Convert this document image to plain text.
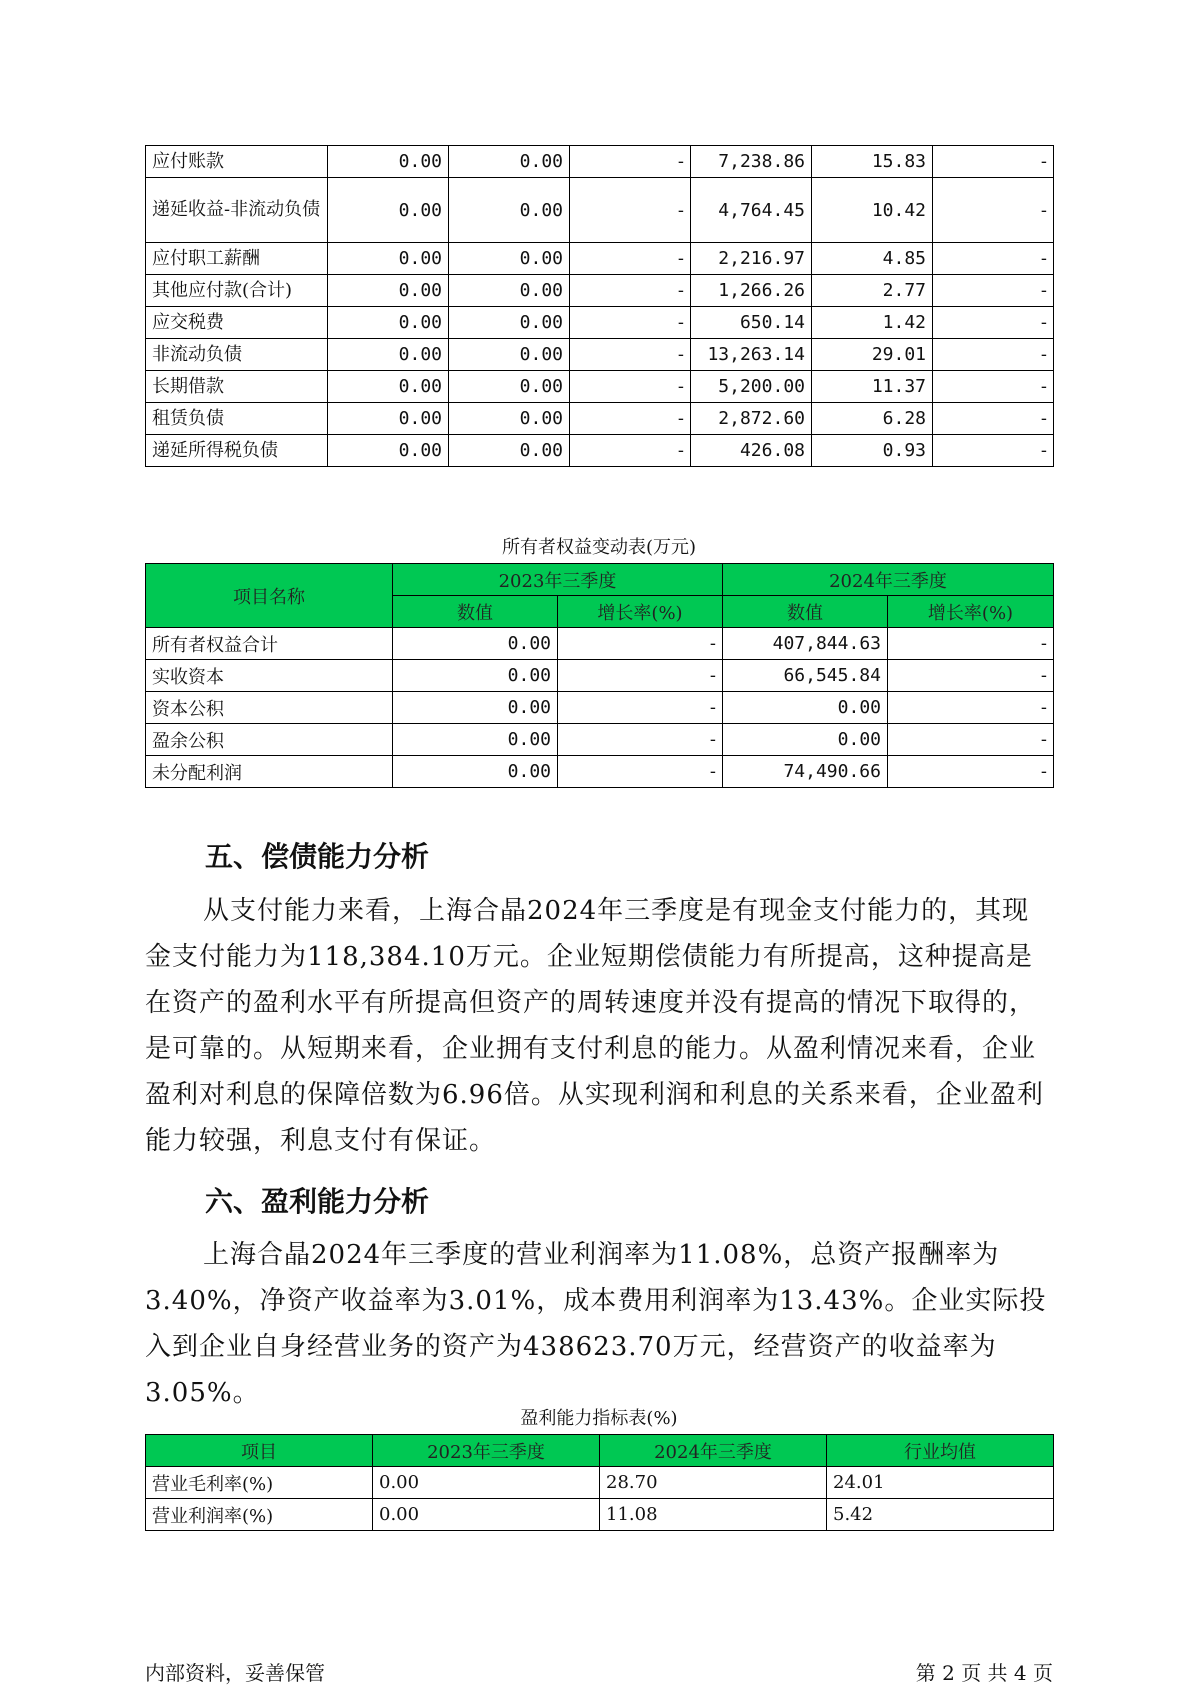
应付账款	0.00	0.00	-	7,238.86	15.83	-
递延收益-非流动负债	0.00	0.00	-	4,764.45	10.42	-
应付职工薪酬	0.00	0.00	-	2,216.97	4.85	-
其他应付款(合计)	0.00	0.00	-	1,266.26	2.77	-
应交税费	0.00	0.00	-	650.14	1.42	-
非流动负债	0.00	0.00	-	13,263.14	29.01	-
长期借款	0.00	0.00	-	5,200.00	11.37	-
租赁负债	0.00	0.00	-	2,872.60	6.28	-
递延所得税负债	0.00	0.00	-	426.08	0.93	-
所有者权益变动表(万元)
项目名称	2023年三季度		2024年三季度	
	数值	增长率(%)	数值	增长率(%)
所有者权益合计	0.00	-	407,844.63	-
实收资本	0.00	-	66,545.84	-
资本公积	0.00	-	0.00	-
盈余公积	0.00	-	0.00	-
未分配利润	0.00	-	74,490.66	-
五、偿债能力分析

从支付能力来看，上海合晶2024年三季度是有现金支付能力的，其现金支付能力为118,384.10万元。企业短期偿债能力有所提高，这种提高是在资产的盈利水平有所提高但资产的周转速度并没有提高的情况下取得的，是可靠的。从短期来看，企业拥有支付利息的能力。从盈利情况来看，企业盈利对利息的保障倍数为6.96倍。从实现利润和利息的关系来看，企业盈利能力较强，利息支付有保证。

六、盈利能力分析

上海合晶2024年三季度的营业利润率为11.08%，总资产报酬率为3.40%，净资产收益率为3.01%，成本费用利润率为13.43%。企业实际投入到企业自身经营业务的资产为438623.70万元，经营资产的收益率为3.05%。

盈利能力指标表(%)
项目	2023年三季度	2024年三季度	行业均值
营业毛利率(%)	0.00	28.70	24.01
营业利润率(%)	0.00	11.08	5.42
内部资料，妥善保管	第 2 页 共 4 页
